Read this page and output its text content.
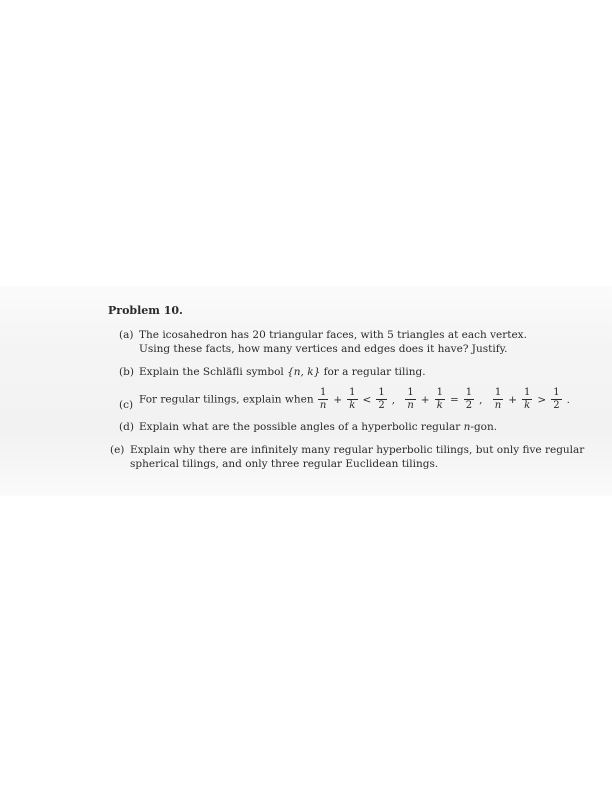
Problem 10.
(a) The icosahedron has 20 triangular faces, with 5 triangles at each vertex.
Using these facts, how many vertices and edges does it have? Justify.
(b) Explain the Schläfli symbol {n, k} for a regular tiling.
(c) For regular tilings, explain when $\frac{1}{n} + \frac{1}{k} < \frac{1}{2}$ ,
$\frac{1}{n} + \frac{1}{k} = \frac{1}{2}$ ,
$\frac{1}{n} + \frac{1}{k} > \frac{1}{2}$ .
(d) Explain what are the possible angles of a hyperbolic regular n-gon.
(e) Explain why there are infinitely many regular hyperbolic tilings, but only five regular
spherical tilings, and only three regular Euclidean tilings.
